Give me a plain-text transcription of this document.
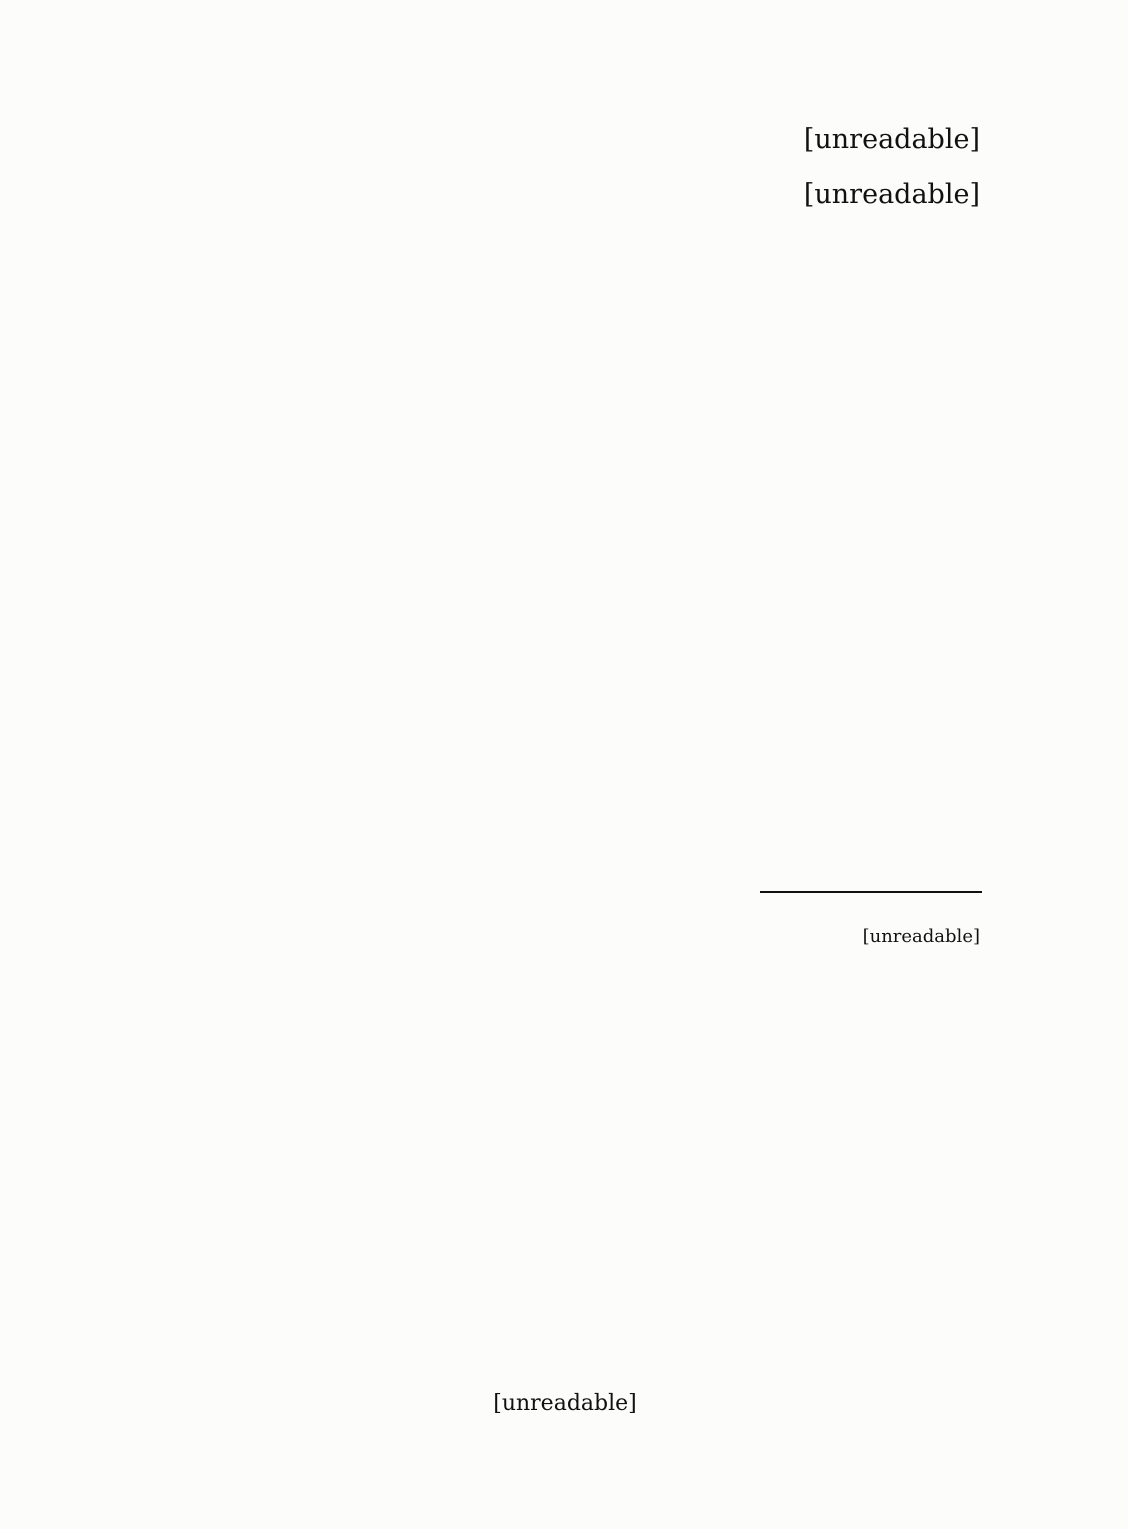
[unreadable]

[unreadable]

[unreadable]

[unreadable]
